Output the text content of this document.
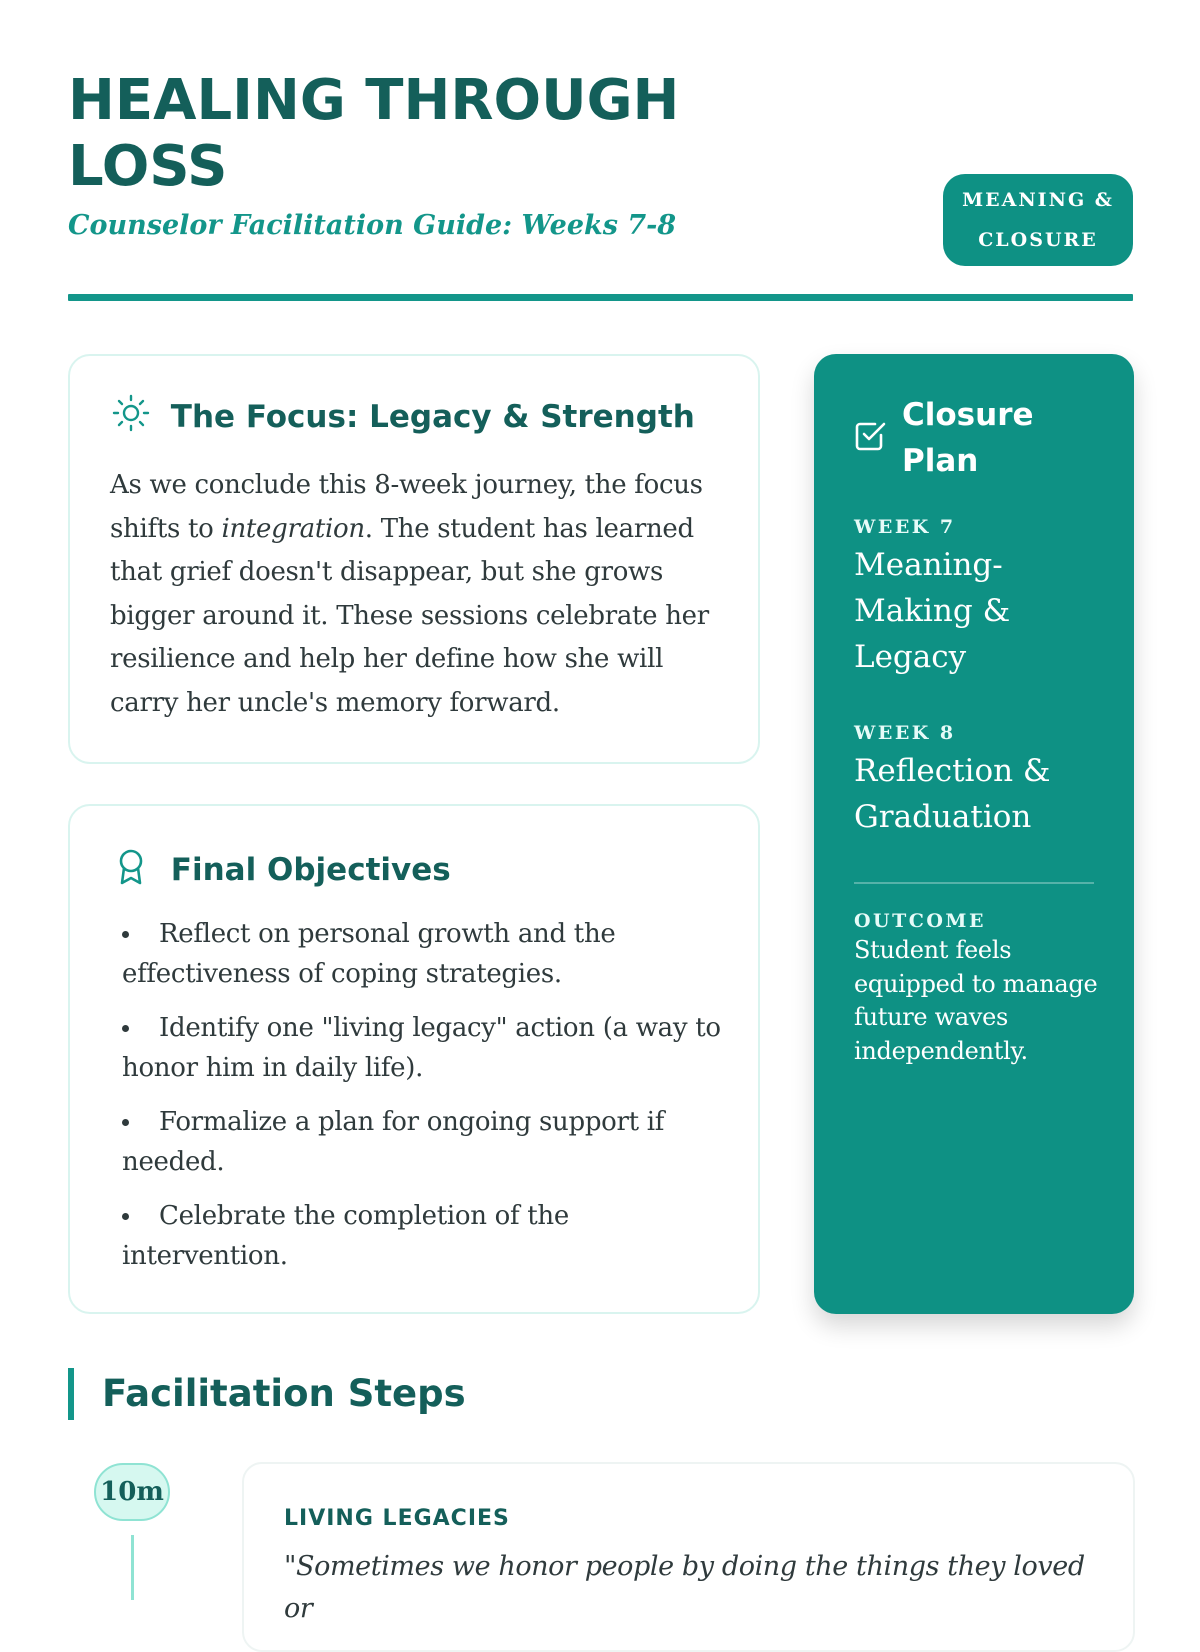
HEALING THROUGH LOSS
Counselor Facilitation Guide: Weeks 7-8
MEANING & CLOSURE
The Focus: Legacy & Strength

As we conclude this 8-week journey, the focus shifts to integration. The student has learned that grief doesn't disappear, but she grows bigger around it. These sessions celebrate her resilience and help her define how she will carry her uncle's memory forward.

Final Objectives
Reflect on personal growth and the effectiveness of coping strategies.
Identify one "living legacy" action (a way to honor him in daily life).
Formalize a plan for ongoing support if needed.
Celebrate the completion of the intervention.
Closure Plan
WEEK 7
Meaning-Making & Legacy
WEEK 8
Reflection & Graduation
OUTCOME
Student feels equipped to manage future waves independently.
Facilitation Steps
10m
LIVING LEGACIES

"Sometimes we honor people by doing the things they loved or
